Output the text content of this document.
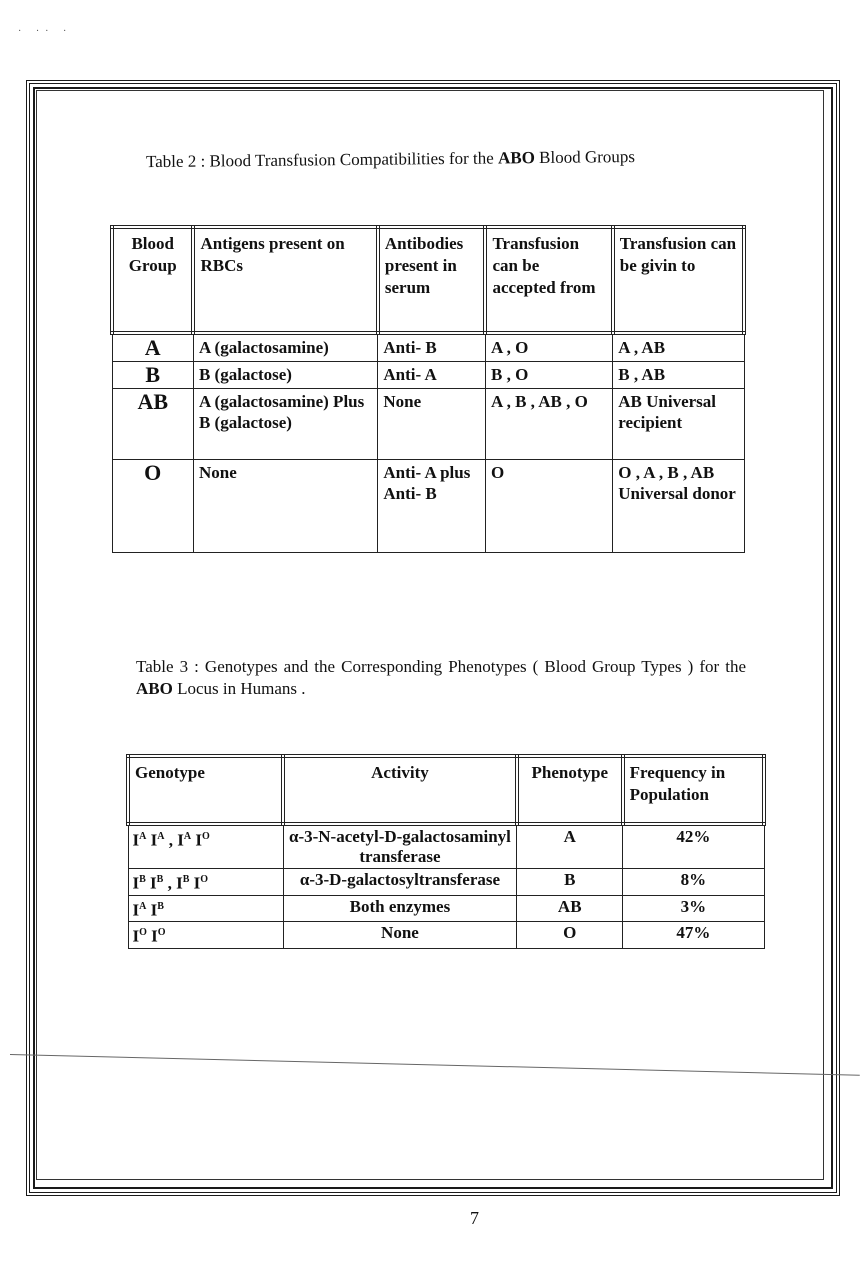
· ·· ·
Table 2 : Blood Transfusion Compatibilities for the ABO Blood Groups
Blood Group	Antigens present on RBCs	Antibodies present in serum	Transfusion can be accepted from	Transfusion can be givin to
A	A (galactosamine)	Anti- B	A , O	A , AB
B	B (galactose)	Anti- A	B , O	B , AB
AB	A (galactosamine) Plus B (galactose)	None	A , B , AB , O	AB Universal recipient
O	None	Anti- A plus Anti- B	O	O , A , B , AB Universal donor
Table 3 : Genotypes and the Corresponding Phenotypes ( Blood Group Types ) for the ABO Locus in Humans .
Genotype	Activity	Phenotype	Frequency in Population
$I^A$ $I^A$ , $I^A$ $I^O$	α-3-N-acetyl-D-galactosaminyltransferase	A	42%
$I^B$ $I^B$ , $I^B$ $I^O$	α-3-D-galactosyltransferase	B	8%
$I^A$ $I^B$	Both enzymes	AB	3%
$I^O$ $I^O$	None	O	47%
7
